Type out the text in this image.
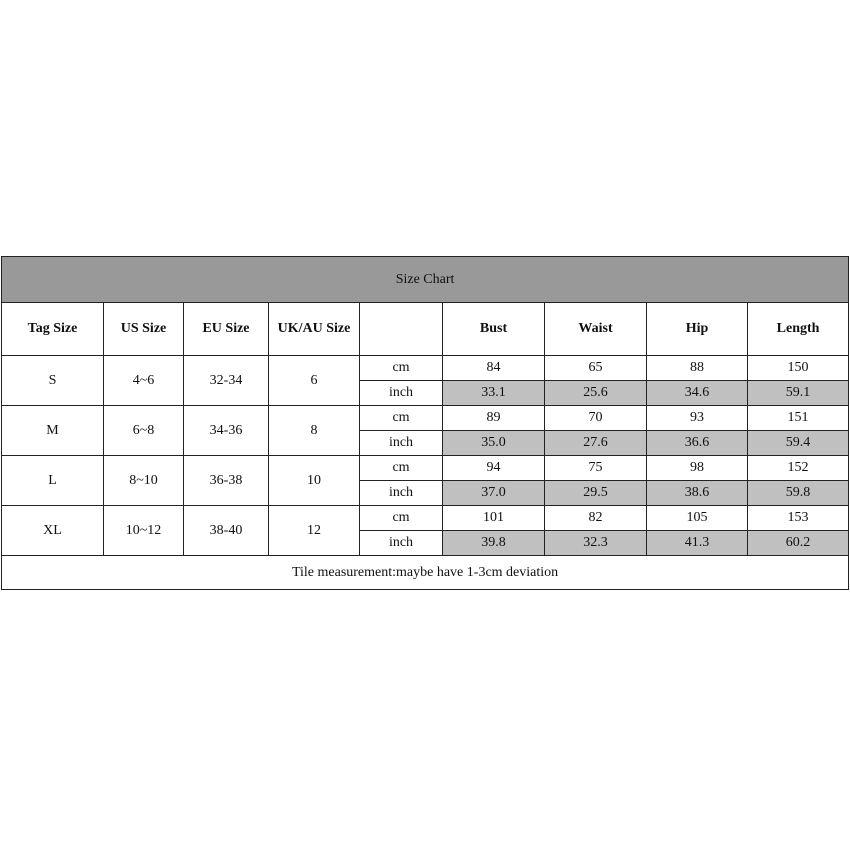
Size Chart								
Tag Size	US Size	EU Size	UK/AU Size		Bust	Waist	Hip	Length
S	4~6	32-34	6	cm	84	65	88	150
				inch	33.1	25.6	34.6	59.1
M	6~8	34-36	8	cm	89	70	93	151
				inch	35.0	27.6	36.6	59.4
L	8~10	36-38	10	cm	94	75	98	152
				inch	37.0	29.5	38.6	59.8
XL	10~12	38-40	12	cm	101	82	105	153
				inch	39.8	32.3	41.3	60.2
Tile measurement:maybe have 1-3cm deviation								
